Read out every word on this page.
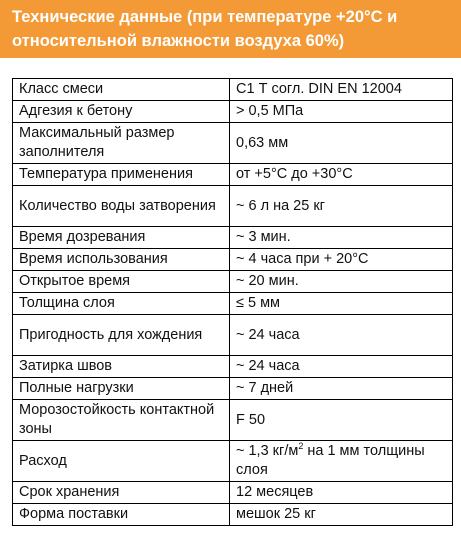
Технические данные (при температуре +20°С и
относительной влажности воздуха 60%)
Класс смеси	С1 Т согл. DIN EN 12004
Адгезия к бетону	> 0,5 МПа
Максимальный размер заполнителя	0,63 мм
Температура применения	от +5°С до +30°С
Количество воды затворения	~ 6 л на 25 кг
Время дозревания	~ 3 мин.
Время использования	~ 4 часа при + 20°С
Открытое время	~ 20 мин.
Толщина слоя	≤ 5 мм
Пригодность для хождения	~ 24 часа
Затирка швов	~ 24 часа
Полные нагрузки	~ 7 дней
Морозостойкость контактной зоны	F 50
Расход	~ 1,3 $кг/м^2$ на 1 мм толщины слоя
Срок хранения	12 месяцев
Форма поставки	мешок 25 кг
